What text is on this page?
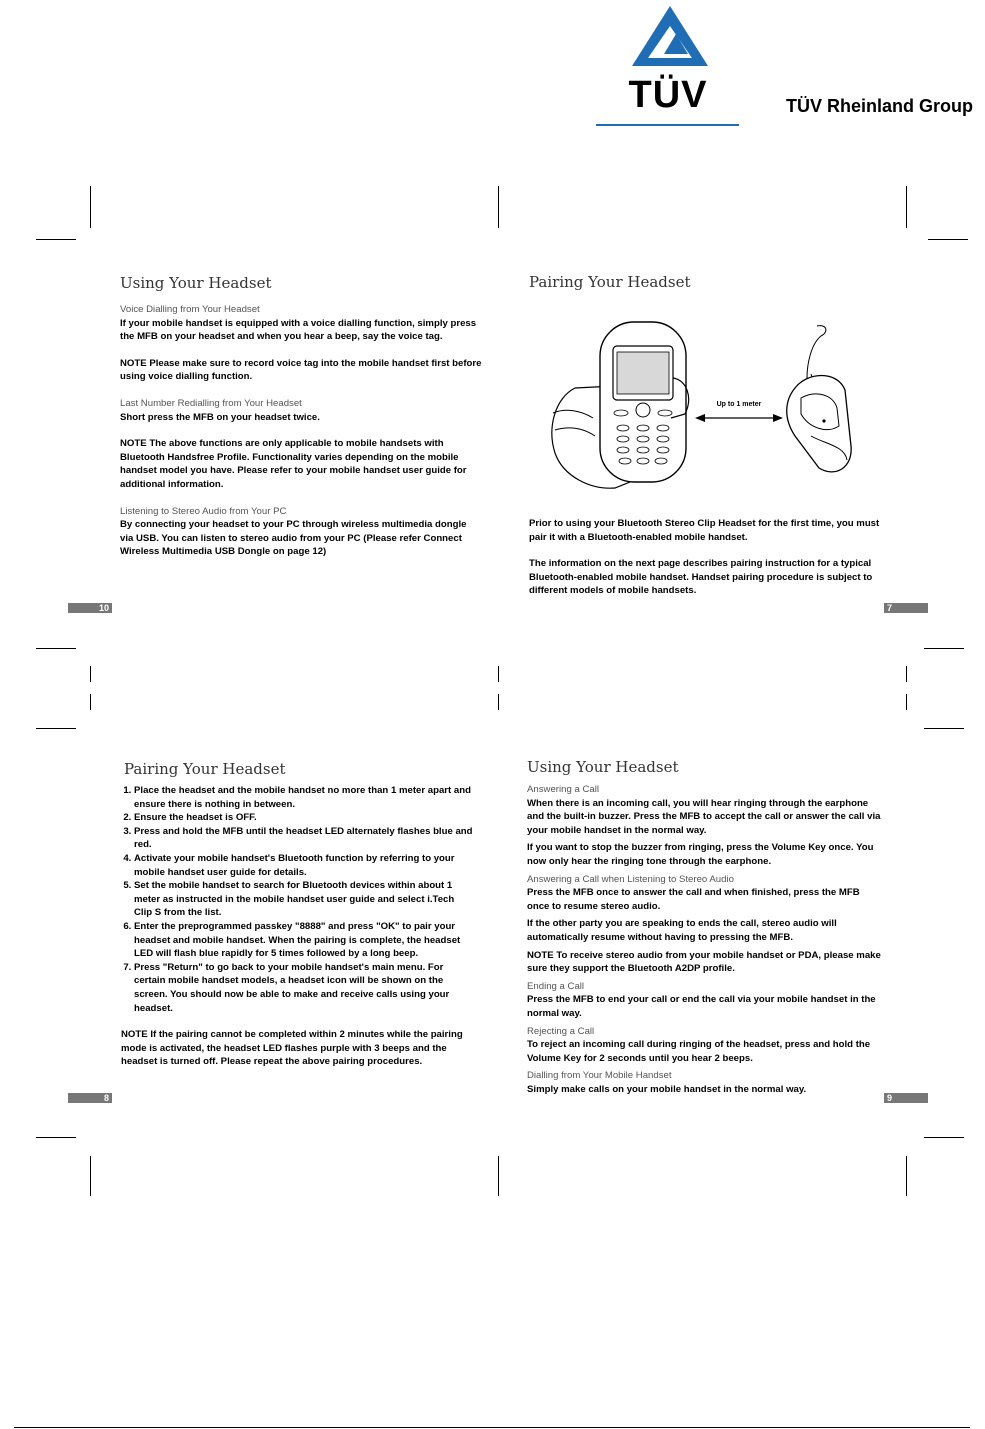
TÜV	TÜV Rheinland Group
Using Your Headset

Voice Dialling from Your Headset

If your mobile handset is equipped with a voice dialling function, simply press the MFB on your headset and when you hear a beep, say the voice tag.

NOTE Please make sure to record voice tag into the mobile handset first before using voice dialling function.

Last Number Redialling from Your Headset

Short press the MFB on your headset twice.

NOTE The above functions are only applicable to mobile handsets with Bluetooth Handsfree Profile. Functionality varies depending on the mobile handset model you have. Please refer to your mobile handset user guide for additional information.

Listening to Stereo Audio from Your PC

By connecting your headset to your PC through wireless multimedia dongle via USB. You can listen to stereo audio from your PC (Please refer Connect Wireless Multimedia USB Dongle on page 12)

10
Pairing Your Headset
Up to 1 meter

Prior to using your Bluetooth Stereo Clip Headset for the first time, you must pair it with a Bluetooth-enabled mobile handset.

The information on the next page describes pairing instruction for a typical Bluetooth-enabled mobile handset. Handset pairing procedure is subject to different models of mobile handsets.

7
Pairing Your Headset
1. Place the headset and the mobile handset no more than 1 meter apart and ensure there is nothing in between.
2. Ensure the headset is OFF.
3. Press and hold the MFB until the headset LED alternately flashes blue and red.
4. Activate your mobile handset's Bluetooth function by referring to your mobile handset user guide for details.
5. Set the mobile handset to search for Bluetooth devices within about 1 meter as instructed in the mobile handset user guide and select i.Tech Clip S from the list.
6. Enter the preprogrammed passkey "8888" and press "OK" to pair your headset and mobile handset. When the pairing is complete, the headset LED will flash blue rapidly for 5 times followed by a long beep.
7. Press "Return" to go back to your mobile handset's main menu. For certain mobile handset models, a headset icon will be shown on the screen. You should now be able to make and receive calls using your headset.

NOTE If the pairing cannot be completed within 2 minutes while the pairing mode is activated, the headset LED flashes purple with 3 beeps and the headset is turned off. Please repeat the above pairing procedures.

8
Using Your Headset

Answering a Call

When there is an incoming call, you will hear ringing through the earphone and the built-in buzzer. Press the MFB to accept the call or answer the call via your mobile handset in the normal way.

If you want to stop the buzzer from ringing, press the Volume Key once. You now only hear the ringing tone through the earphone.

Answering a Call when Listening to Stereo Audio

Press the MFB once to answer the call and when finished, press the MFB once to resume stereo audio.

If the other party you are speaking to ends the call, stereo audio will automatically resume without having to pressing the MFB.

NOTE To receive stereo audio from your mobile handset or PDA, please make sure they support the Bluetooth A2DP profile.

Ending a Call

Press the MFB to end your call or end the call via your mobile handset in the normal way.

Rejecting a Call

To reject an incoming call during ringing of the headset, press and hold the Volume Key for 2 seconds until you hear 2 beeps.

Dialling from Your Mobile Handset

Simply make calls on your mobile handset in the normal way.

9
